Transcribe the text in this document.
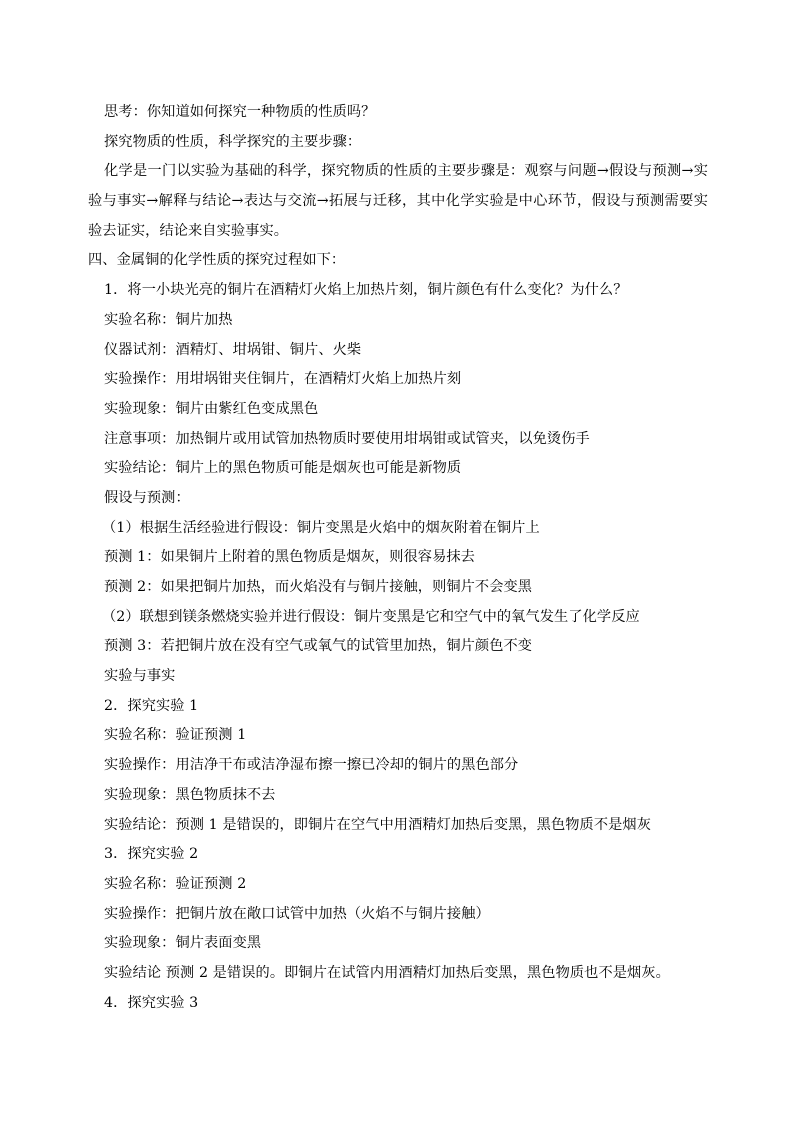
思考：你知道如何探究一种物质的性质吗？
探究物质的性质，科学探究的主要步骤：
化学是一门以实验为基础的科学，探究物质的性质的主要步骤是：观察与问题→假设与预测→实验与事实→解释与结论→表达与交流→拓展与迁移，其中化学实验是中心环节，假设与预测需要实验去证实，结论来自实验事实。
四、金属铜的化学性质的探究过程如下：
1．将一小块光亮的铜片在酒精灯火焰上加热片刻，铜片颜色有什么变化？为什么？
实验名称：铜片加热
仪器试剂：酒精灯、坩埚钳、铜片、火柴
实验操作：用坩埚钳夹住铜片，在酒精灯火焰上加热片刻
实验现象：铜片由紫红色变成黑色
注意事项：加热铜片或用试管加热物质时要使用坩埚钳或试管夹，以免烫伤手
实验结论：铜片上的黑色物质可能是烟灰也可能是新物质
假设与预测：
（1）根据生活经验进行假设：铜片变黑是火焰中的烟灰附着在铜片上
预测 1：如果铜片上附着的黑色物质是烟灰，则很容易抹去
预测 2：如果把铜片加热，而火焰没有与铜片接触，则铜片不会变黑
（2）联想到镁条燃烧实验并进行假设：铜片变黑是它和空气中的氧气发生了化学反应
预测 3：若把铜片放在没有空气或氧气的试管里加热，铜片颜色不变
实验与事实
2．探究实验 1
实验名称：验证预测 1
实验操作：用洁净干布或洁净湿布擦一擦已冷却的铜片的黑色部分
实验现象：黑色物质抹不去
实验结论：预测 1 是错误的，即铜片在空气中用酒精灯加热后变黑，黑色物质不是烟灰
3．探究实验 2
实验名称：验证预测 2
实验操作：把铜片放在敞口试管中加热（火焰不与铜片接触）
实验现象：铜片表面变黑
实验结论 预测 2 是错误的。即铜片在试管内用酒精灯加热后变黑，黑色物质也不是烟灰。
4．探究实验 3
